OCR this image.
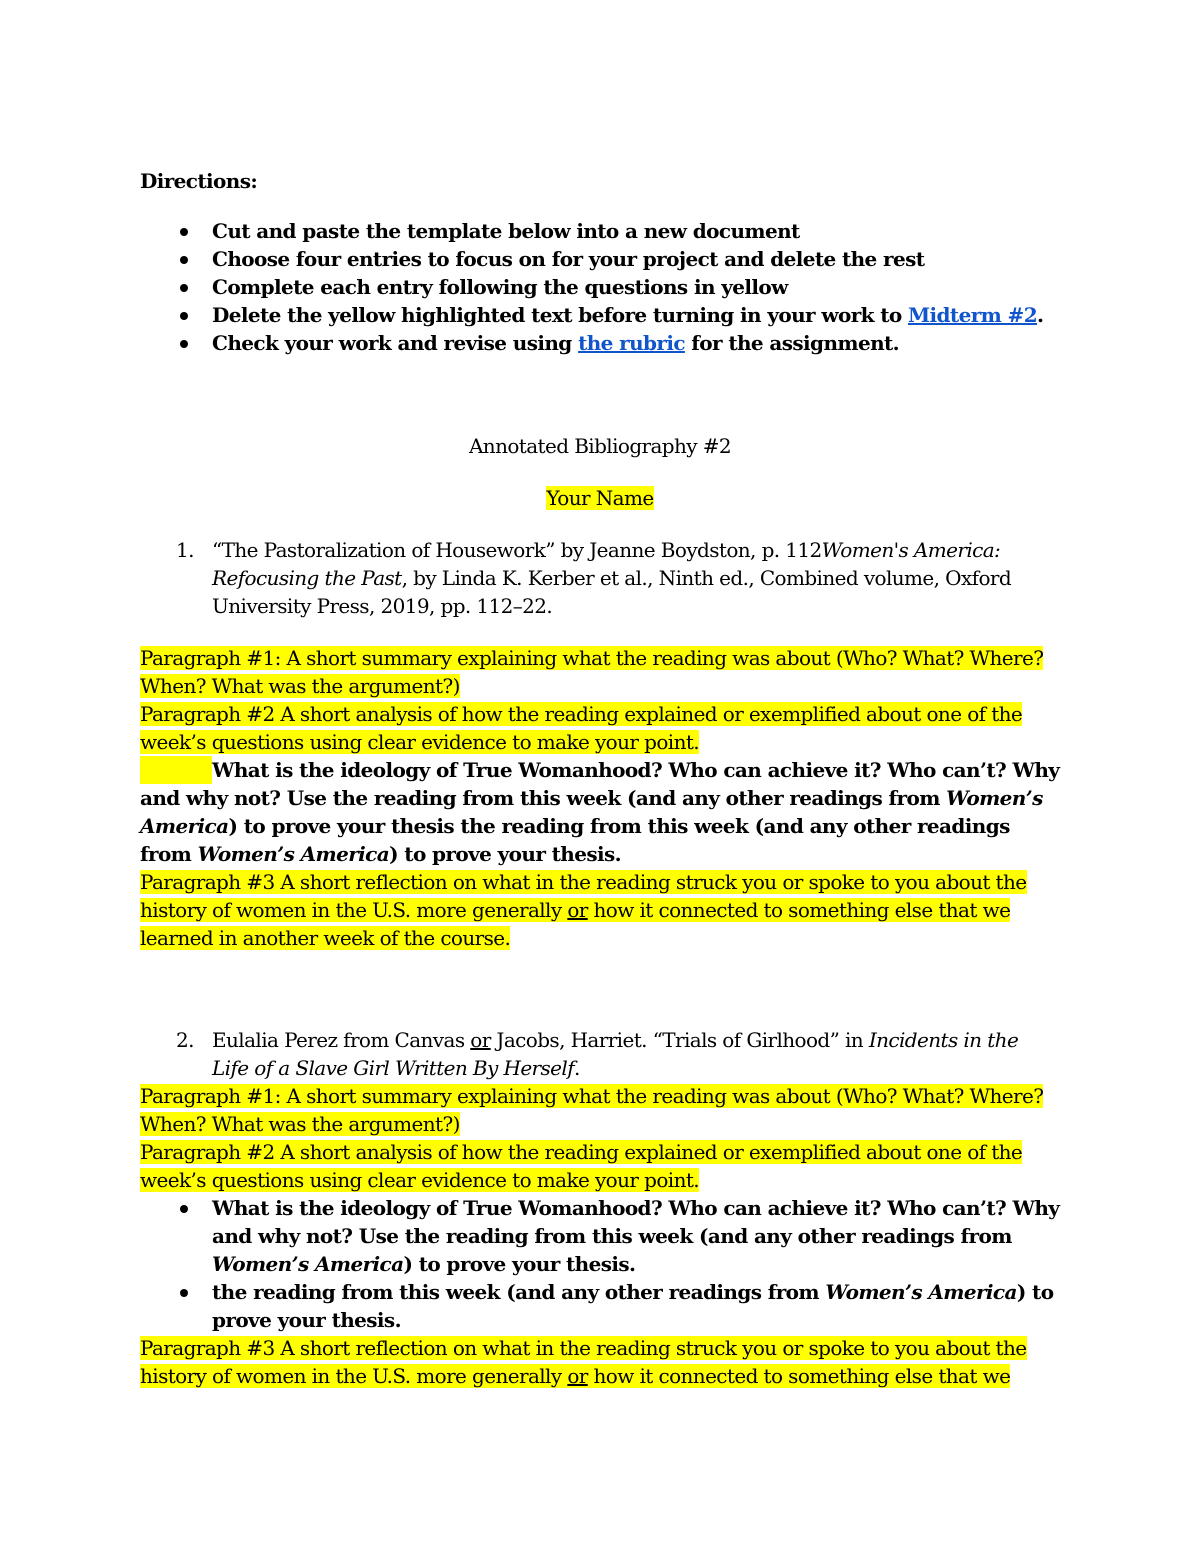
Directions:

Cut and paste the template below into a new document
Choose four entries to focus on for your project and delete the rest
Complete each entry following the questions in yellow
Delete the yellow highlighted text before turning in your work to Midterm #2.
Check your work and revise using the rubric for the assignment.

Annotated Bibliography #2

Your Name

1. “The Pastoralization of Housework” by Jeanne Boydston, p. 112Women's America: Refocusing the Past, by Linda K. Kerber et al., Ninth ed., Combined volume, Oxford University Press, 2019, pp. 112–22.

Paragraph #1: A short summary explaining what the reading was about (Who? What? Where? When? What was the argument?)

Paragraph #2 A short analysis of how the reading explained or exemplified about one of the week’s questions using clear evidence to make your point.

What is the ideology of True Womanhood? Who can achieve it? Who can’t? Why and why not? Use the reading from this week (and any other readings from Women’s America) to prove your thesis the reading from this week (and any other readings from Women’s America) to prove your thesis.

Paragraph #3 A short reflection on what in the reading struck you or spoke to you about the history of women in the U.S. more generally or how it connected to something else that we learned in another week of the course.

2. Eulalia Perez from Canvas or Jacobs, Harriet. “Trials of Girlhood” in Incidents in the Life of a Slave Girl Written By Herself.

Paragraph #1: A short summary explaining what the reading was about (Who? What? Where? When? What was the argument?)

Paragraph #2 A short analysis of how the reading explained or exemplified about one of the week’s questions using clear evidence to make your point.

What is the ideology of True Womanhood? Who can achieve it? Who can’t? Why and why not? Use the reading from this week (and any other readings from Women’s America) to prove your thesis.
the reading from this week (and any other readings from Women’s America) to prove your thesis.

Paragraph #3 A short reflection on what in the reading struck you or spoke to you about the history of women in the U.S. more generally or how it connected to something else that we
